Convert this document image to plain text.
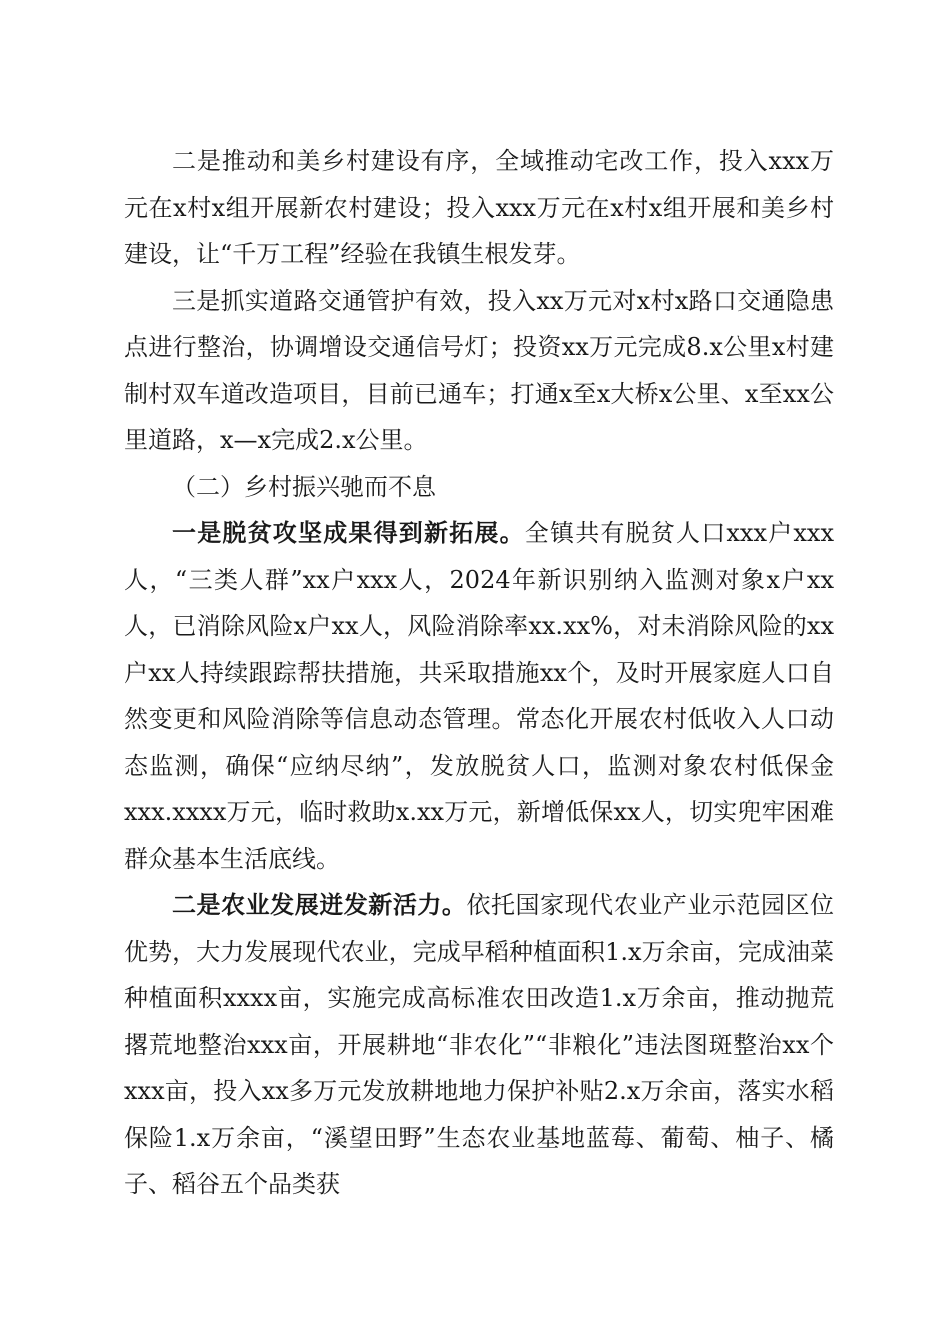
二是推动和美乡村建设有序，全域推动宅改工作，投入xxx万元在x村x组开展新农村建设；投入xxx万元在x村x组开展和美乡村建设，让“千万工程”经验在我镇生根发芽。

三是抓实道路交通管护有效，投入xx万元对x村x路口交通隐患点进行整治，协调增设交通信号灯；投资xx万元完成8.x公里x村建制村双车道改造项目，目前已通车；打通x至x大桥x公里、x至xx公里道路，x—x完成2.x公里。

（二）乡村振兴驰而不息

一是脱贫攻坚成果得到新拓展。全镇共有脱贫人口xxx户xxx人，“三类人群”xx户xxx人，2024年新识别纳入监测对象x户xx人，已消除风险x户xx人，风险消除率xx.xx%，对未消除风险的xx户xx人持续跟踪帮扶措施，共采取措施xx个，及时开展家庭人口自然变更和风险消除等信息动态管理。常态化开展农村低收入人口动态监测，确保“应纳尽纳”，发放脱贫人口，监测对象农村低保金xxx.xxxx万元，临时救助x.xx万元，新增低保xx人，切实兜牢困难群众基本生活底线。

二是农业发展迸发新活力。依托国家现代农业产业示范园区位优势，大力发展现代农业，完成早稻种植面积1.x万余亩，完成油菜种植面积xxxx亩，实施完成高标准农田改造1.x万余亩，推动抛荒撂荒地整治xxx亩，开展耕地“非农化”“非粮化”违法图斑整治xx个xxx亩，投入xx多万元发放耕地地力保护补贴2.x万余亩，落实水稻保险1.x万余亩，“溪望田野”生态农业基地蓝莓、葡萄、柚子、橘子、稻谷五个品类获
